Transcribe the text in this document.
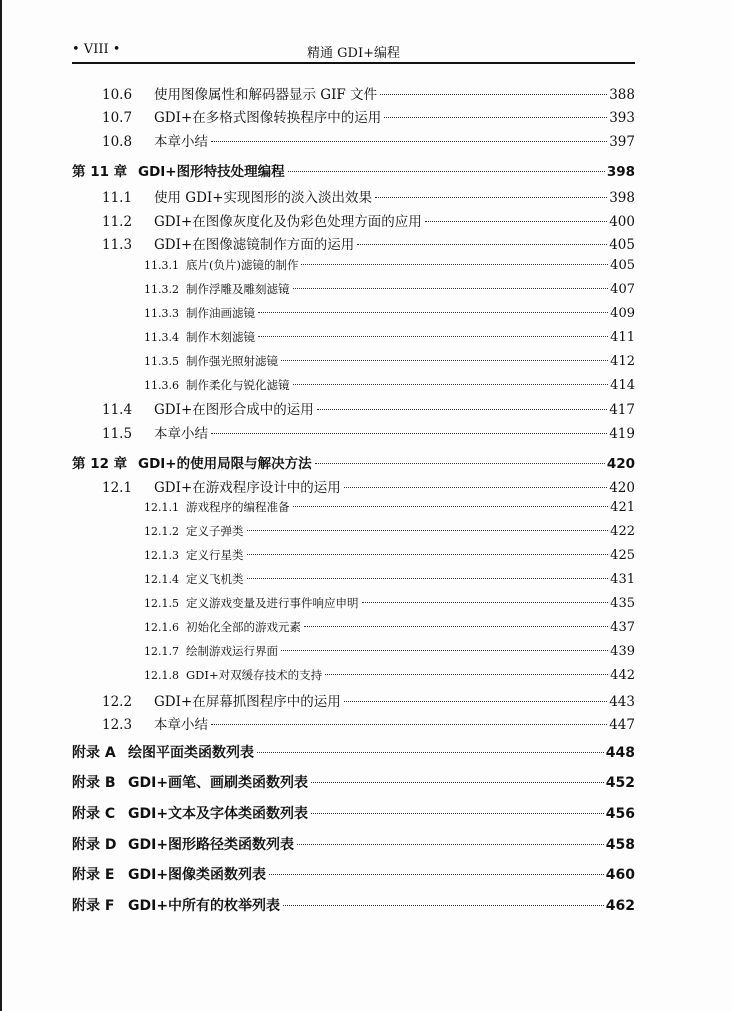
• VIII •	精通 GDI+编程
10.6	使用图像属性和解码器显示 GIF 文件	388
10.7	GDI+在多格式图像转换程序中的运用	393
10.8	本章小结	397
第 11 章 GDI+图形特技处理编程	398
11.1	使用 GDI+实现图形的淡入淡出效果	398
11.2	GDI+在图像灰度化及伪彩色处理方面的应用	400
11.3	GDI+在图像滤镜制作方面的运用	405
11.3.1 底片(负片)滤镜的制作	405
11.3.2 制作浮雕及雕刻滤镜	407
11.3.3 制作油画滤镜	409
11.3.4 制作木刻滤镜	411
11.3.5 制作强光照射滤镜	412
11.3.6 制作柔化与锐化滤镜	414
11.4	GDI+在图形合成中的运用	417
11.5	本章小结	419
第 12 章 GDI+的使用局限与解决方法	420
12.1	GDI+在游戏程序设计中的运用	420
12.1.1 游戏程序的编程准备	421
12.1.2 定义子弹类	422
12.1.3 定义行星类	425
12.1.4 定义飞机类	431
12.1.5 定义游戏变量及进行事件响应申明	435
12.1.6 初始化全部的游戏元素	437
12.1.7 绘制游戏运行界面	439
12.1.8 GDI+对双缓存技术的支持	442
12.2	GDI+在屏幕抓图程序中的运用	443
12.3	本章小结	447
附录 A 绘图平面类函数列表	448
附录 B GDI+画笔、画刷类函数列表	452
附录 C GDI+文本及字体类函数列表	456
附录 D GDI+图形路径类函数列表	458
附录 E GDI+图像类函数列表	460
附录 F GDI+中所有的枚举列表	462
